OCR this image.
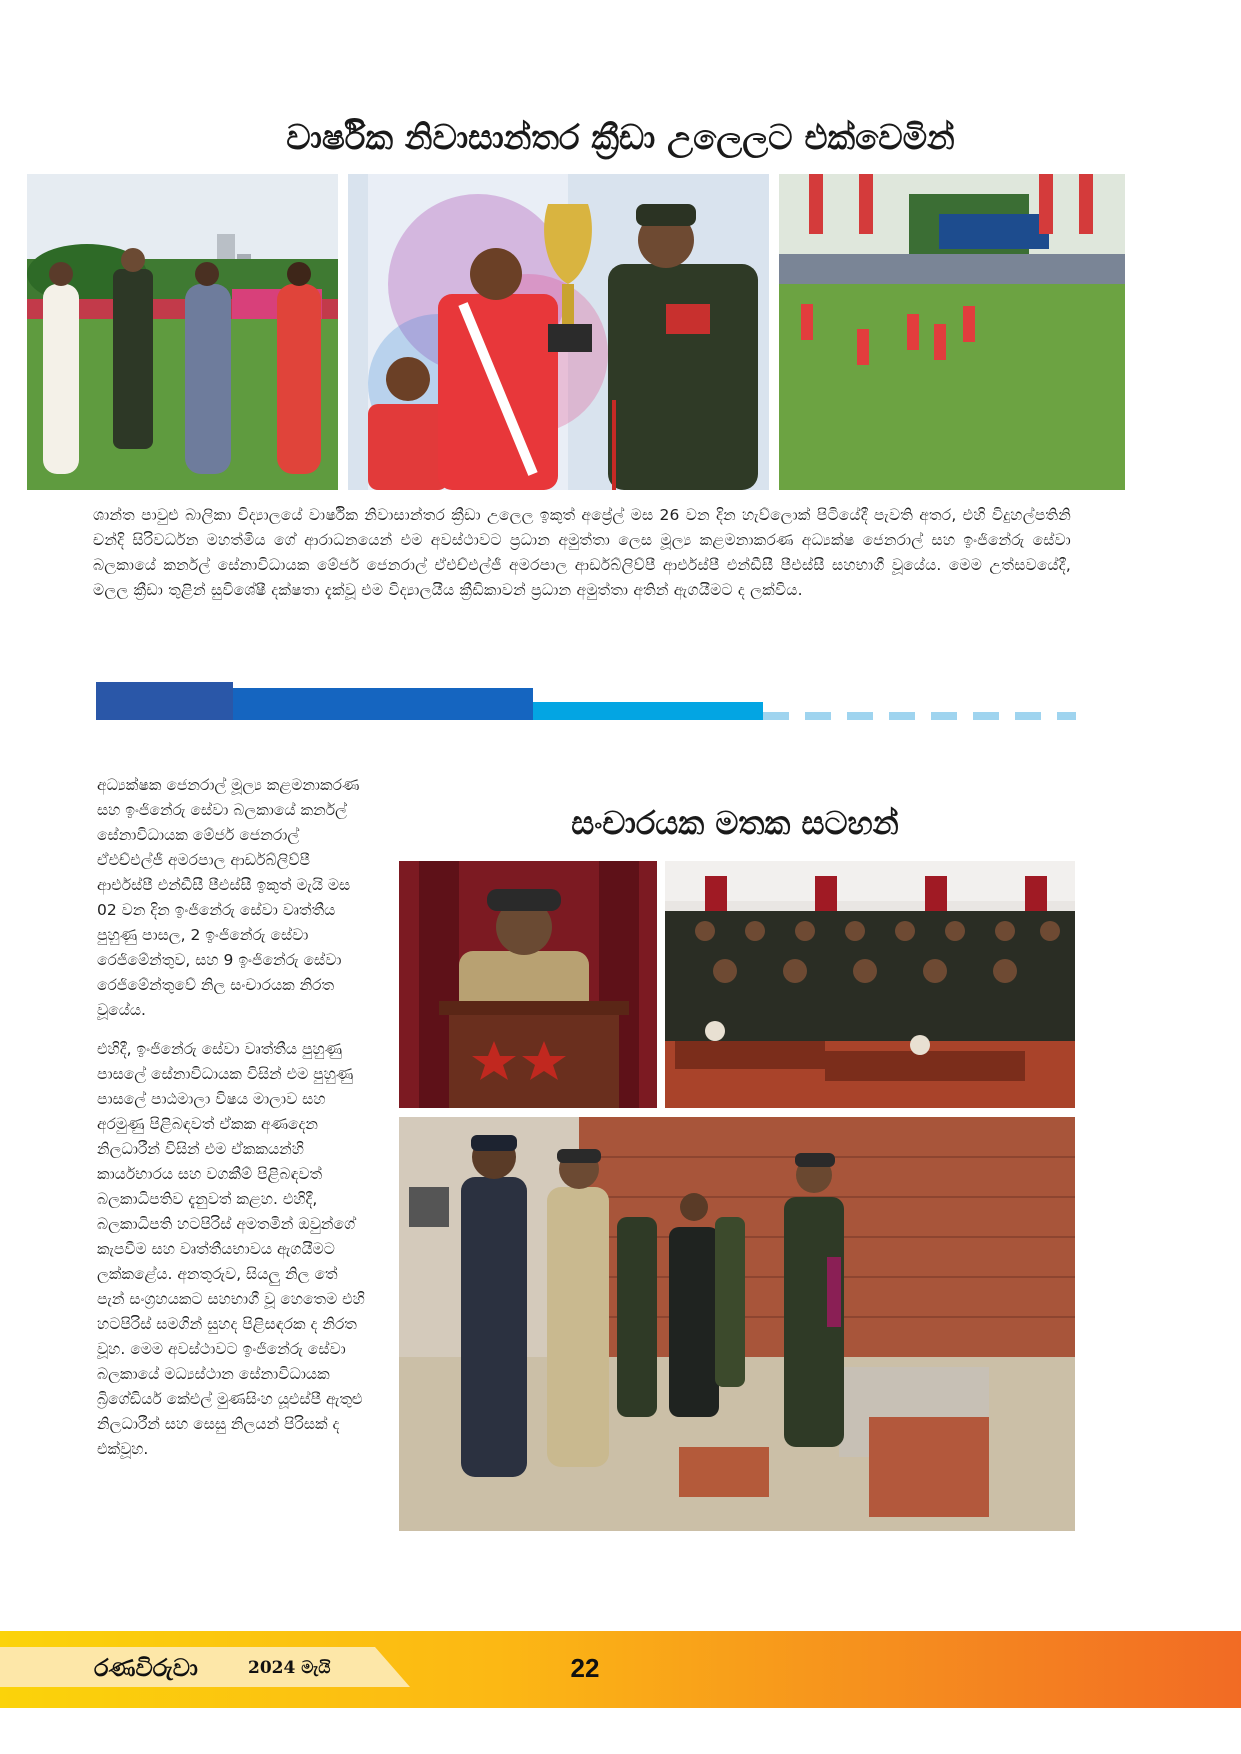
වාර්ෂික නිවාසාන්තර ක්‍රීඩා උලෙලට එක්වෙමින්
ශාන්ත පාවුළු බාලිකා විද්‍යාලයේ වාර්ෂික නිවාසාන්තර ක්‍රීඩා උලෙල ඉකුත් අප්‍රේල් මස 26 වන දින හැව්ලොක් පිටියේදී පැවති අතර, එහි විදුහල්පතිනි චන්දි සිරිවර්ධන මහත්මිය ගේ ආරාධනයෙන් එම අවස්ථාවට ප්‍රධාන අමුත්තා ලෙස මූල්‍ය කළමනාකරණ අධ්‍යක්ෂ ජෙනරාල් සහ ඉංජිනේරු සේවා බලකායේ කර්නල් සේනාවිධායක මේජර් ජෙනරාල් ඒඑච්එල්ජී අමරපාල ආර්ඩබ්ලිව්පී ආර්එස්පී එන්ඩීසී පීඑස්සී සහභාගී වූයේය. මෙම උත්සවයේදී, මලල ක්‍රීඩා තුළින් සුවිශේෂී දක්ෂතා දැක්වූ එම විද්‍යාලයීය ක්‍රීඩිකාවන් ප්‍රධාන අමුත්තා අතින් ඇගයීමට ද ලක්විය.

අධ්‍යක්ෂක ජෙනරාල් මූල්‍ය කළමනාකරණ සහ ඉංජිනේරු සේවා බලකායේ කර්නල් සේනාවිධායක මේජර් ජෙනරාල් ඒඑච්එල්ජී අමරපාල ආර්ඩබ්ලිව්පී ආර්එස්පී එන්ඩීසී පීඑස්සී ඉකුත් මැයි මස 02 වන දින ඉංජිනේරු සේවා වෘත්තීය පුහුණු පාසල, 2 ඉංජිනේරු සේවා රෙජිමේන්තුව, සහ 9 ඉංජිනේරු සේවා රෙජිමේන්තුවේ නිල සංචාරයක නිරත වූයේය.

එහිදී, ඉංජිනේරු සේවා වෘත්තීය පුහුණු පාසලේ සේනාවිධායක විසින් එම පුහුණු පාසලේ පාඨමාලා විෂය මාලාව සහ අරමුණු පිළිබඳවත් ඒකක අණදෙන නිලධාරීන් විසින් එම ඒකකයන්හි කාර්යභාරය සහ වගකීම් පිළිබඳවත් බලකාධිපතිව දැනුවත් කළහ. එහිදී, බලකාධිපති හටපිරිස් අමතමින් ඔවුන්ගේ කැපවීම සහ වෘත්තීයභාවය ඇගයීමට ලක්කළේය. අනතුරුව, සියලු නිල තේ පැන් සංග්‍රහයකට සහභාගී වූ හෙතෙම එහි හටපිරිස් සමගින් සුහද පිළිසඳරක ද නිරත වූහ. මෙම අවස්ථාවට ඉංජිනේරු සේවා බලකායේ මධ්‍යස්ථාන සේනාවිධායක බ්‍රිගේඩියර් කේඑල් මුණසිංහ යූඑස්පී ඇතුළු නිලධාරීන් සහ සෙසු නිලයන් පිරිසක් ද එක්වූහ.

සංචාරයක මතක සටහන්
රණවිරුවා	2024 මැයි	22
